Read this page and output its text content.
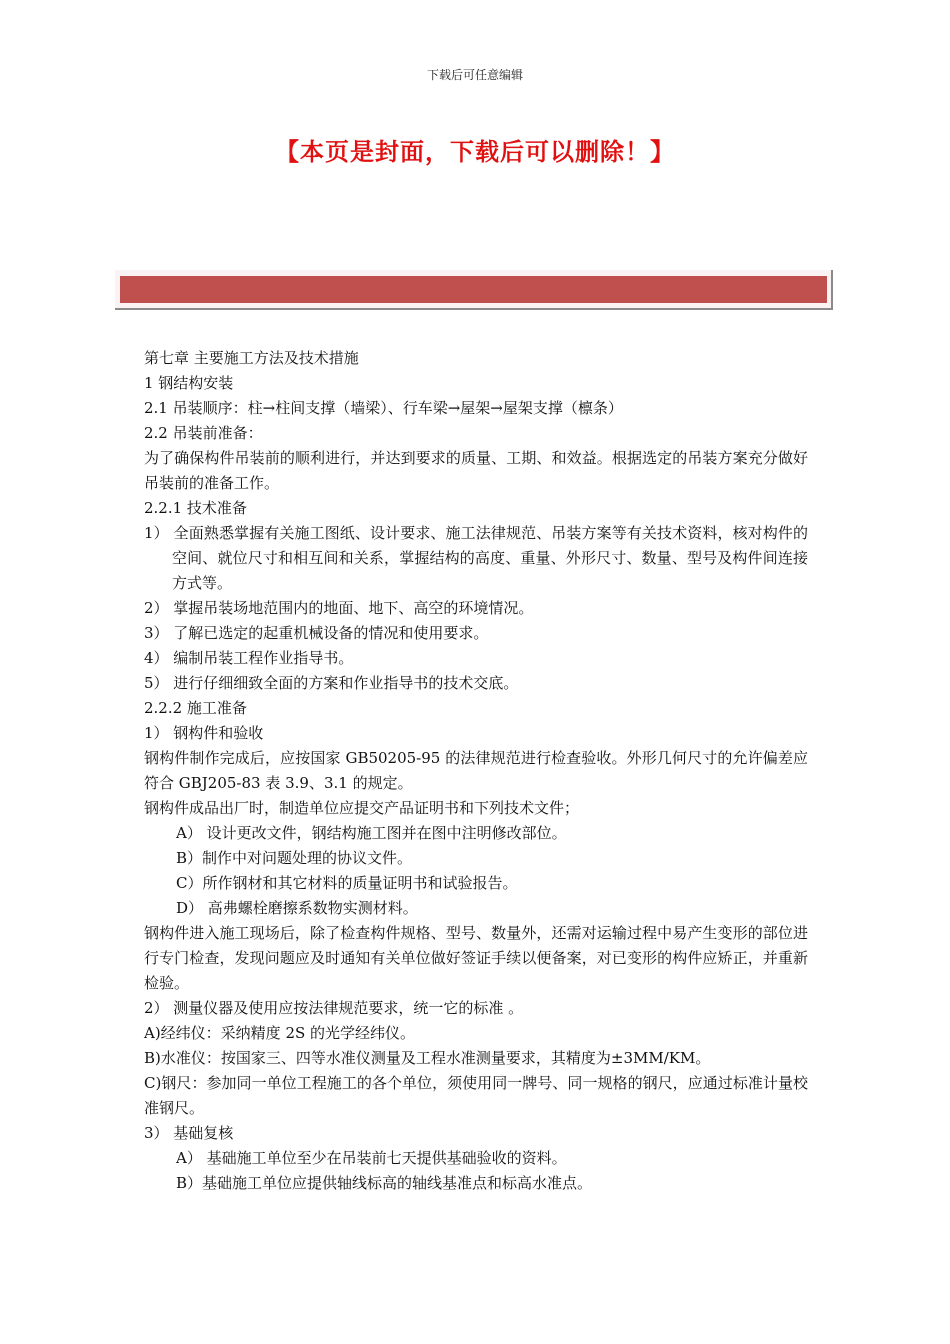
下载后可任意编辑
【本页是封面，下载后可以删除！】

第七章 主要施工方法及技术措施

1 钢结构安装

2.1 吊装顺序：柱→柱间支撑（墙梁）、行车梁→屋架→屋架支撑（檩条）

2.2 吊装前准备：

为了确保构件吊装前的顺利进行，并达到要求的质量、工期、和效益。根据选定的吊装方案充分做好吊装前的准备工作。

2.2.1 技术准备

1） 全面熟悉掌握有关施工图纸、设计要求、施工法律规范、吊装方案等有关技术资料，核对构件的空间、就位尺寸和相互间和关系，掌握结构的高度、重量、外形尺寸、数量、型号及构件间连接方式等。

2） 掌握吊装场地范围内的地面、地下、高空的环境情况。

3） 了解已选定的起重机械设备的情况和使用要求。

4） 编制吊装工程作业指导书。

5） 进行仔细细致全面的方案和作业指导书的技术交底。

2.2.2 施工准备

1） 钢构件和验收

钢构件制作完成后，应按国家 GB50205-95 的法律规范进行检查验收。外形几何尺寸的允许偏差应符合 GBJ205-83 表 3.9、3.1 的规定。

钢构件成品出厂时，制造单位应提交产品证明书和下列技术文件；

A） 设计更改文件，钢结构施工图并在图中注明修改部位。

B）制作中对问题处理的协议文件。

C）所作钢材和其它材料的质量证明书和试验报告。

D） 高弗螺栓磨擦系数物实测材料。

钢构件进入施工现场后，除了检查构件规格、型号、数量外，还需对运输过程中易产生变形的部位进行专门检查，发现问题应及时通知有关单位做好签证手续以便备案，对已变形的构件应矫正，并重新检验。

2） 测量仪器及使用应按法律规范要求，统一它的标准 。

A)经纬仪：采纳精度 2S 的光学经纬仪。

B)水准仪：按国家三、四等水准仪测量及工程水准测量要求，其精度为±3MM/KM。

C)钢尺：参加同一单位工程施工的各个单位，须使用同一牌号、同一规格的钢尺，应通过标准计量校准钢尺。

3） 基础复核

A） 基础施工单位至少在吊装前七天提供基础验收的资料。

B）基础施工单位应提供轴线标高的轴线基准点和标高水准点。
